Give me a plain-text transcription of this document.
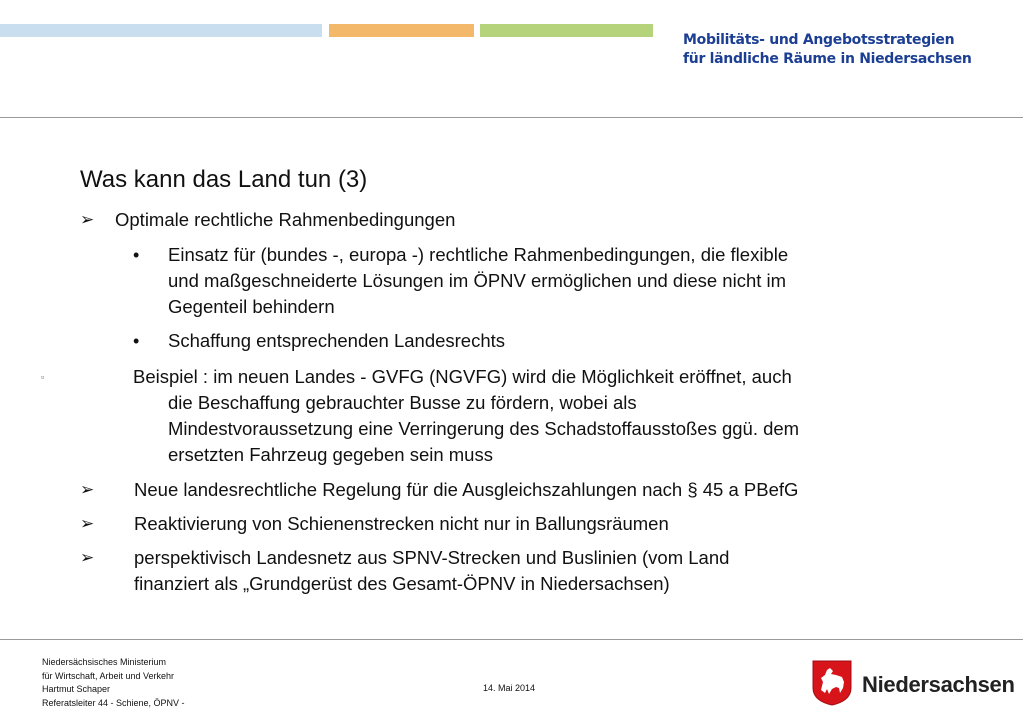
Mobilitäts- und Angebotsstrategien
für ländliche Räume in Niedersachsen
Was kann das Land tun (3)
➢ Optimale rechtliche Rahmenbedingungen
• Einsatz für (bundes -, europa -) rechtliche Rahmenbedingungen, die flexible
und maßgeschneiderte Lösungen im ÖPNV ermöglichen und diese nicht im
Gegenteil behindern
• Schaffung entsprechenden Landesrechts
▫	Beispiel : im neuen Landes - GVFG (NGVFG) wird die Möglichkeit eröffnet, auch
die Beschaffung gebrauchter Busse zu fördern, wobei als
Mindestvoraussetzung eine Verringerung des Schadstoffausstoßes ggü. dem
ersetzten Fahrzeug gegeben sein muss
➢ Neue landesrechtliche Regelung für die Ausgleichszahlungen nach § 45 a PBefG
➢ Reaktivierung von Schienenstrecken nicht nur in Ballungsräumen
➢ perspektivisch Landesnetz aus SPNV-Strecken und Buslinien (vom Land
finanziert als „Grundgerüst des Gesamt-ÖPNV in Niedersachsen)
Niedersächsisches Ministerium
für Wirtschaft, Arbeit und Verkehr
Hartmut Schaper
Referatsleiter 44 - Schiene, ÖPNV -
14. Mai 2014	Niedersachsen
